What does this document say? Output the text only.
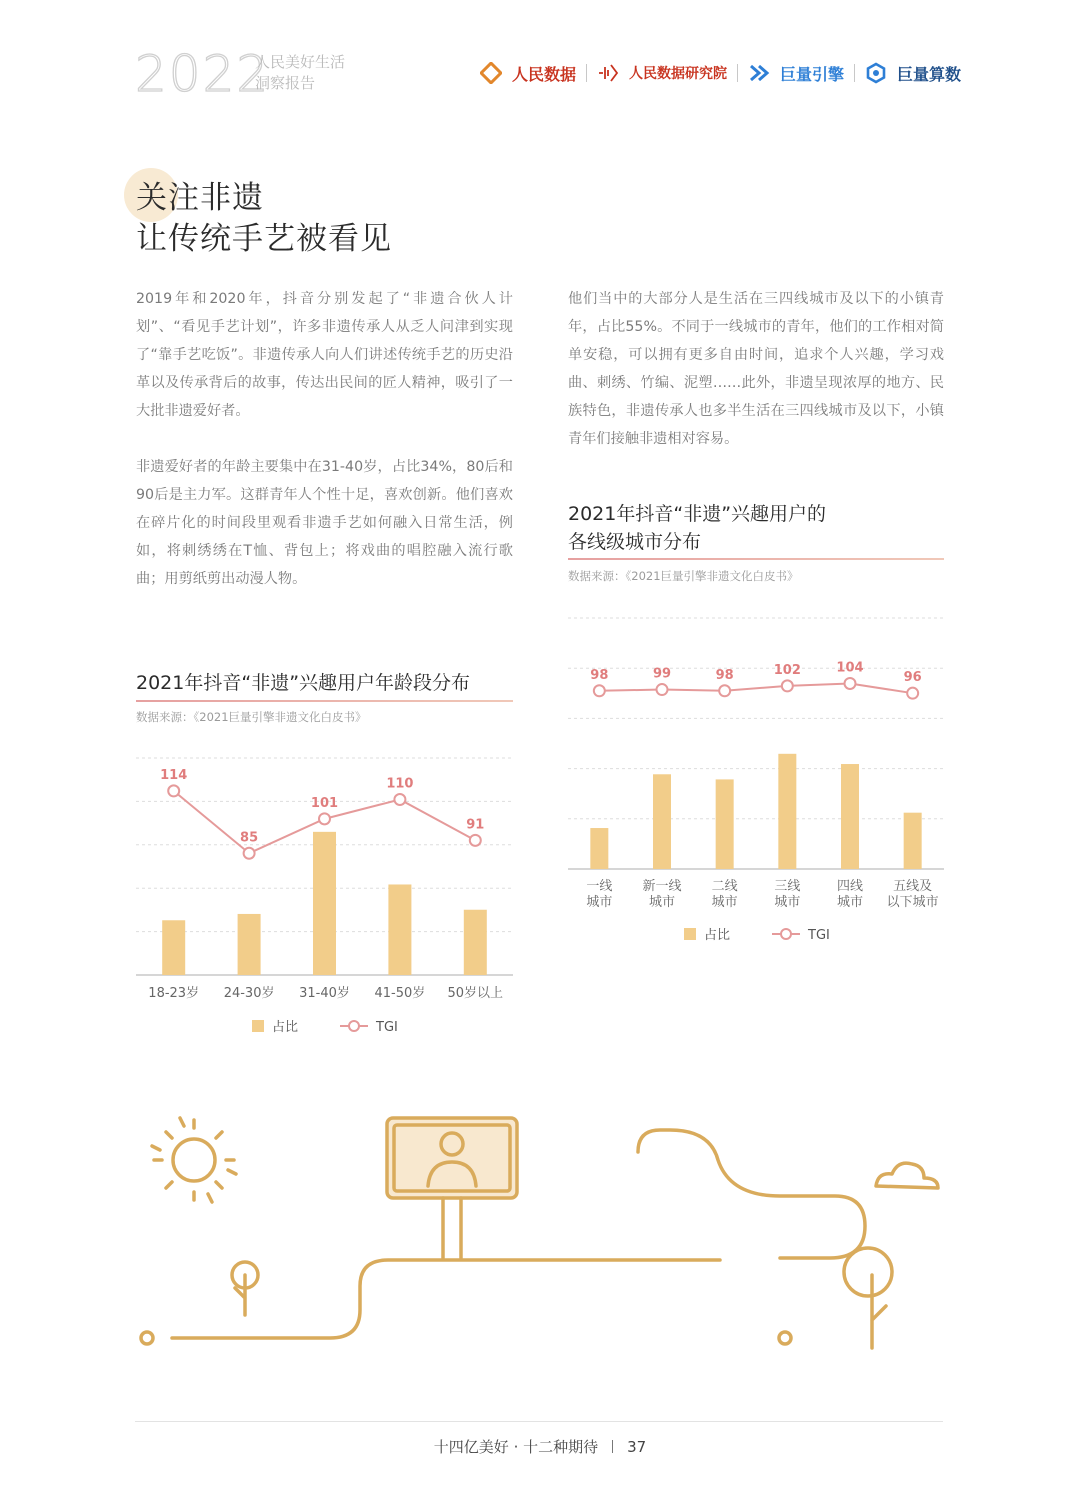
2022
人民美好生活
洞察报告	人民数据	人民数据研究院	巨量引擎	巨量算数
关注非遗
让传统手艺被看见

2019年和2020年，抖音分别发起了“非遗合伙人计划”、“看见手艺计划”，许多非遗传承人从乏人问津到实现了“靠手艺吃饭”。非遗传承人向人们讲述传统手艺的历史沿革以及传承背后的故事，传达出民间的匠人精神，吸引了一大批非遗爱好者。

非遗爱好者的年龄主要集中在31-40岁，占比34%，80后和90后是主力军。这群青年人个性十足，喜欢创新。他们喜欢在碎片化的时间段里观看非遗手艺如何融入日常生活，例如，将刺绣绣在T恤、背包上；将戏曲的唱腔融入流行歌曲；用剪纸剪出动漫人物。

他们当中的大部分人是生活在三四线城市及以下的小镇青年，占比55%。不同于一线城市的青年，他们的工作相对简单安稳，可以拥有更多自由时间，追求个人兴趣，学习戏曲、刺绣、竹编、泥塑……此外，非遗呈现浓厚的地方、民族特色，非遗传承人也多半生活在三四线城市及以下，小镇青年们接触非遗相对容易。

2021年抖音“非遗”兴趣用户年龄段分布

数据来源：《2021巨量引擎非遗文化白皮书》
114
85
101
110
91
18-23岁 24-30岁 31-40岁 41-50岁 50岁以上
占比	TGI

2021年抖音“非遗”兴趣用户的

各线级城市分布

数据来源：《2021巨量引擎非遗文化白皮书》
98	99	98	102	104
96
一线城市
新一线城市
二线城市
三线城市
四线城市
五线及以下城市
占比	TGI
十四亿美好 · 十二种期待 37
